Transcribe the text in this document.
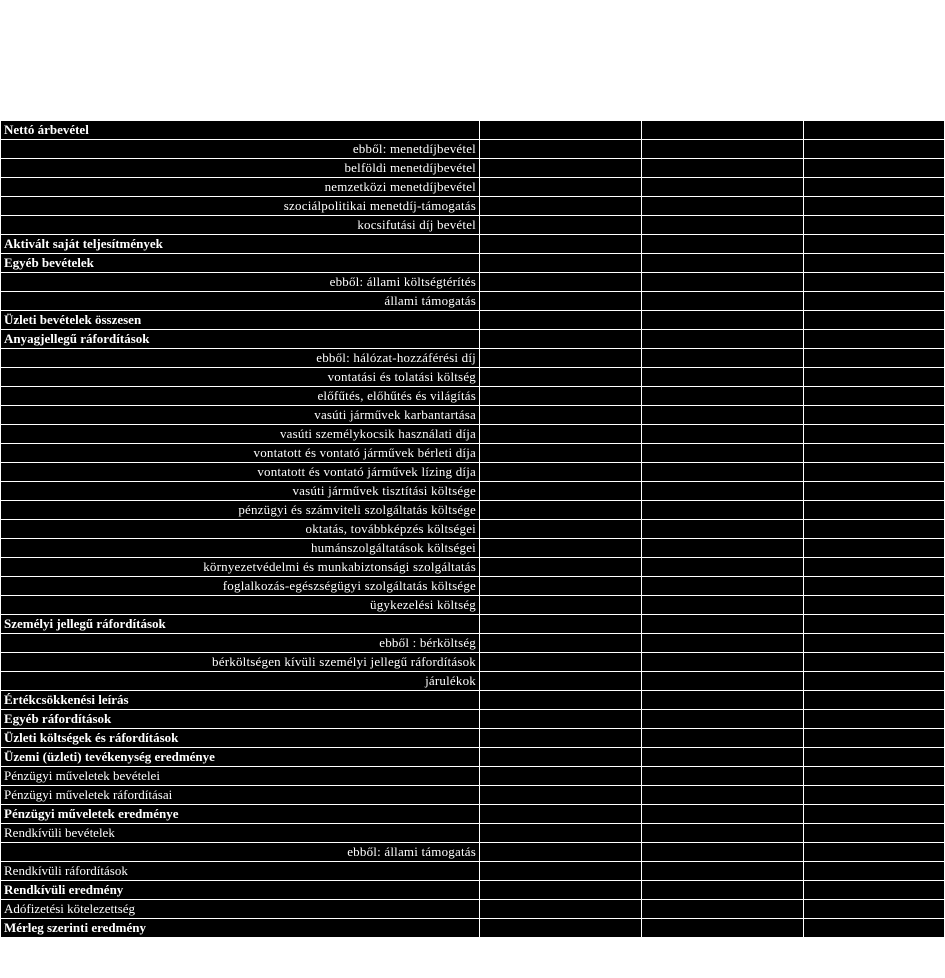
Nettó árbevétel			
ebből: menetdíjbevétel			
belföldi menetdíjbevétel			
nemzetközi menetdíjbevétel			
szociálpolitikai menetdíj-támogatás			
kocsifutási díj bevétel			
Aktivált saját teljesítmények			
Egyéb bevételek			
ebből: állami költségtérítés			
állami támogatás			
Üzleti bevételek összesen			
Anyagjellegű ráfordítások			
ebből: hálózat-hozzáférési díj			
vontatási és tolatási költség			
előfűtés, előhűtés és világítás			
vasúti járművek karbantartása			
vasúti személykocsik használati díja			
vontatott és vontató járművek bérleti díja			
vontatott és vontató járművek lízing díja			
vasúti járművek tisztítási költsége			
pénzügyi és számviteli szolgáltatás költsége			
oktatás, továbbképzés költségei			
humánszolgáltatások költségei			
környezetvédelmi és munkabiztonsági szolgáltatás			
foglalkozás-egészségügyi szolgáltatás költsége			
ügykezelési költség			
Személyi jellegű ráfordítások			
ebből : bérköltség			
bérköltségen kívüli személyi jellegű ráfordítások			
járulékok			
Értékcsökkenési leírás			
Egyéb ráfordítások			
Üzleti költségek és ráfordítások			
Üzemi (üzleti) tevékenység eredménye			
Pénzügyi műveletek bevételei			
Pénzügyi műveletek ráfordításai			
Pénzügyi műveletek eredménye			
Rendkívüli bevételek			
ebből: állami támogatás			
Rendkívüli ráfordítások			
Rendkívüli eredmény			
Adófizetési kötelezettség			
Mérleg szerinti eredmény			
